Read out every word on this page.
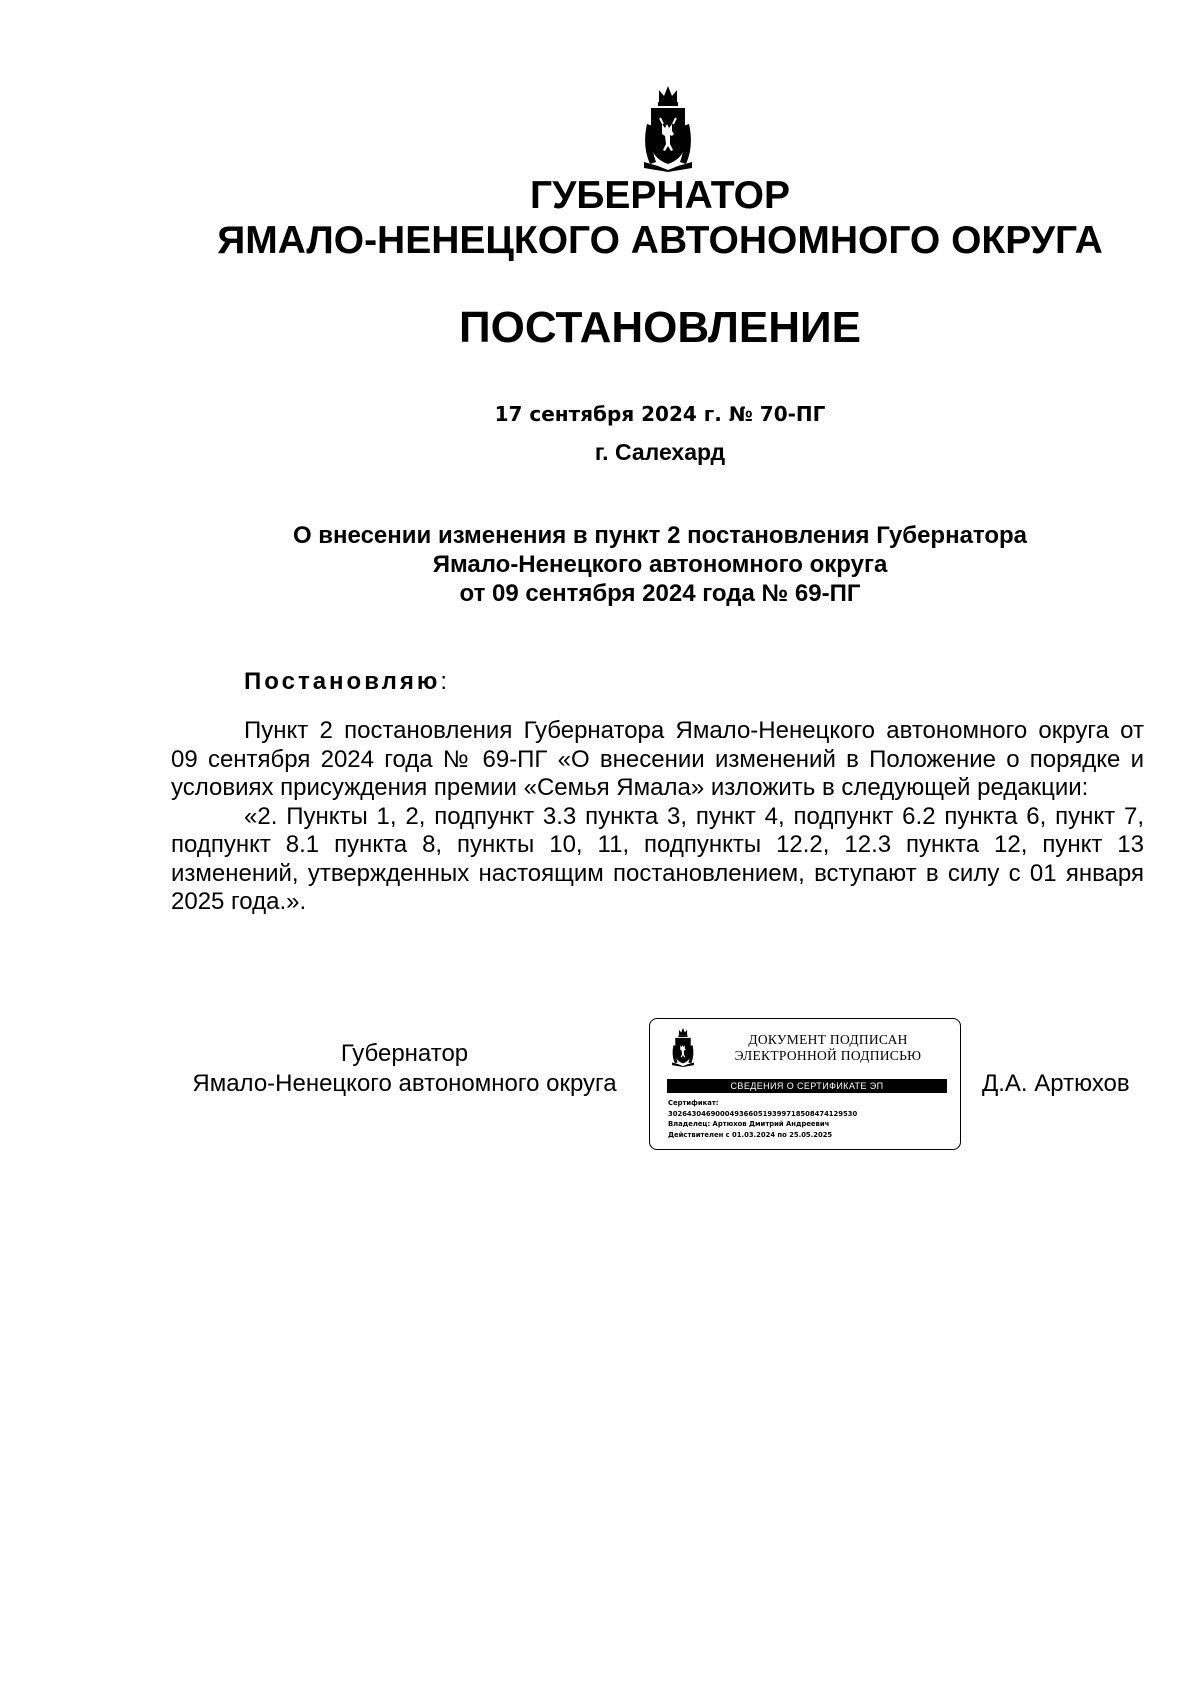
ГУБЕРНАТОР
ЯМАЛО-НЕНЕЦКОГО АВТОНОМНОГО ОКРУГА
ПОСТАНОВЛЕНИЕ
17 сентября 2024 г. № 70-ПГ
г. Салехард
О внесении изменения в пункт 2 постановления Губернатора
Ямало-Ненецкого автономного округа
от 09 сентября 2024 года № 69-ПГ
Постановляю:

Пункт 2 постановления Губернатора Ямало-Ненецкого автономного округа от 09 сентября 2024 года № 69-ПГ «О внесении изменений в Положение о порядке и условиях присуждения премии «Семья Ямала» изложить в следующей редакции:

«2. Пункты 1, 2, подпункт 3.3 пункта 3, пункт 4, подпункт 6.2 пункта 6, пункт 7, подпункт 8.1 пункта 8, пункты 10, 11, подпункты 12.2, 12.3 пункта 12, пункт 13 изменений, утвержденных настоящим постановлением, вступают в силу с 01 января 2025 года.».

Губернатор
Ямало-Ненецкого автономного округа
ДОКУМЕНТ ПОДПИСАН
ЭЛЕКТРОННОЙ ПОДПИСЬЮ
СВЕДЕНИЯ О СЕРТИФИКАТЕ ЭП
Сертификат:
3026430469000493660519399718508474129530
Владелец: Артюхов Дмитрий Андреевич
Действителен с 01.03.2024 по 25.05.2025
Д.А. Артюхов
